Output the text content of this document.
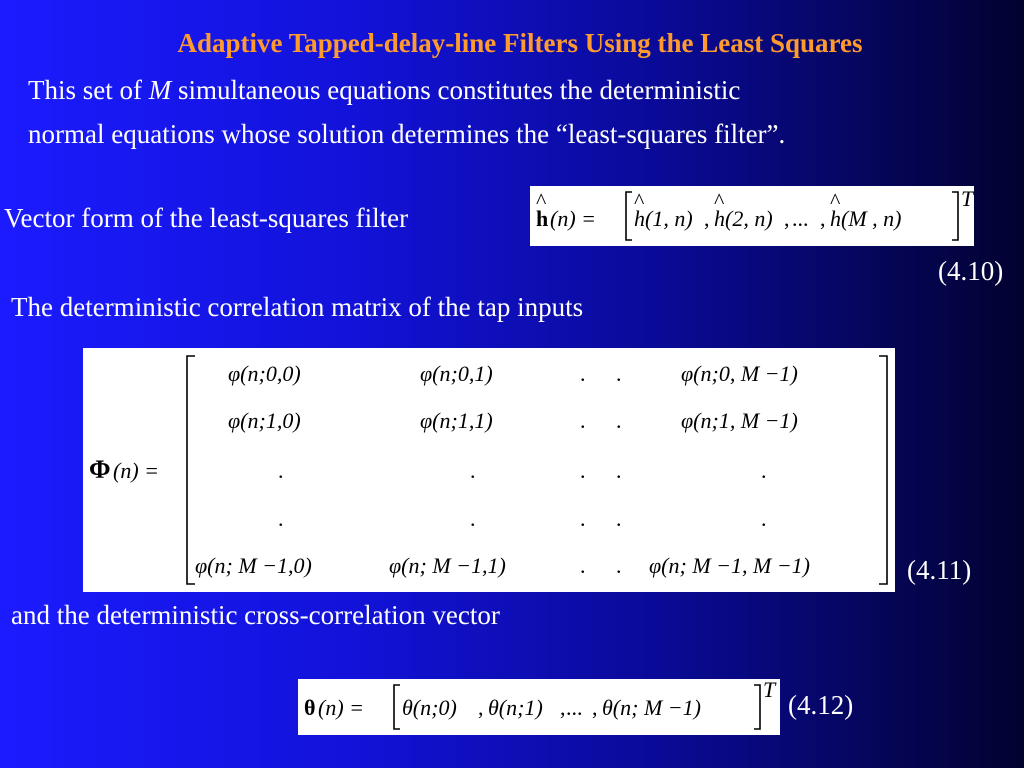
Adaptive Tapped-delay-line Filters Using the Least Squares
This set of M simultaneous equations constitutes the deterministic
normal equations whose solution determines the “least-squares filter”.
Vector form of the least-squares filter	h
^
(n) = h(1, n)
^
, h(2, n)
^
, ... , h(M , n)
^	T
(4.10)
The deterministic correlation matrix of the tap inputs
Φ (n) =
φ(n;0,0)	φ(n;0,1)	. .	φ(n;0, M −1)
φ(n;1,0)	φ(n;1,1)	. .	φ(n;1, M −1)
.	.	. .	.
.	.	. .	.
φ(n; M −1,0)	φ(n; M −1,1)	. . φ(n; M −1, M −1)	(4.11)
and the deterministic cross-correlation vector
θ (n) = θ(n;0) , θ(n;1) , ... , θ(n; M −1)
T
(4.12)
